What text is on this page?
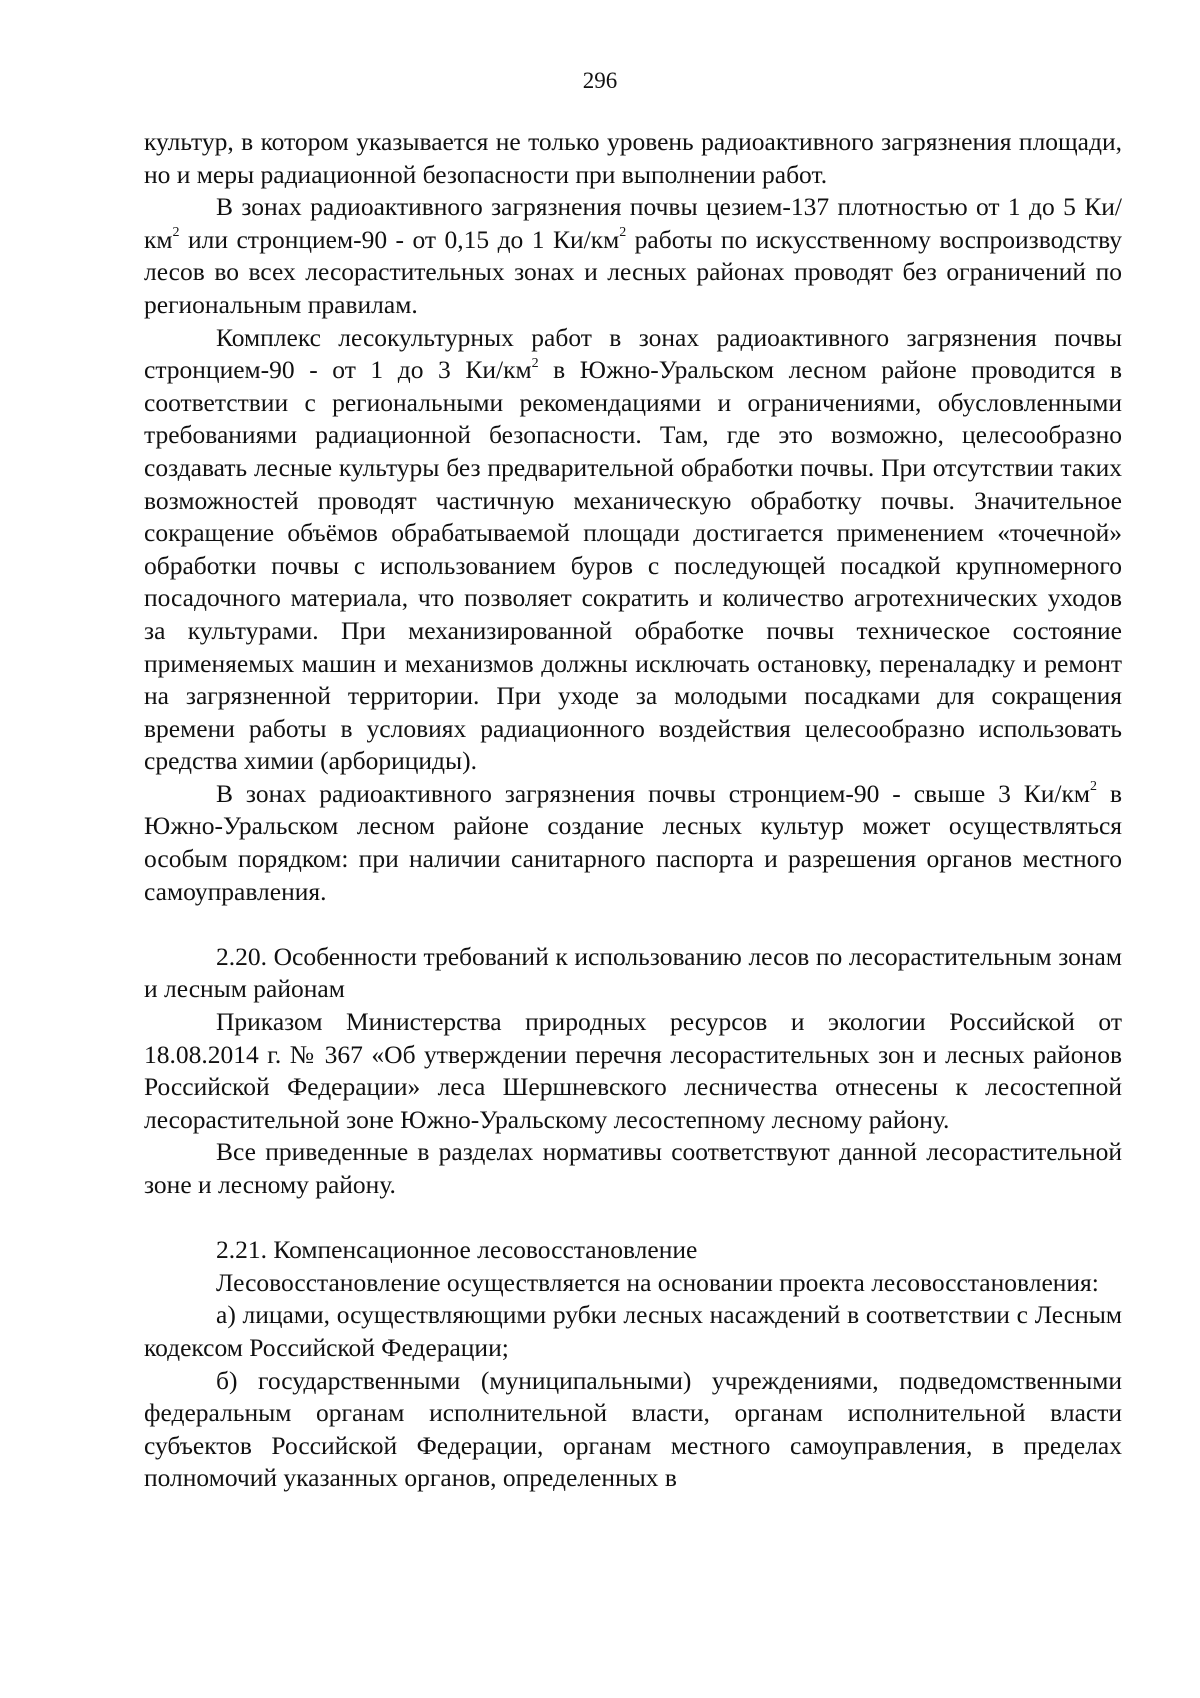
296

культур, в котором указывается не только уровень радиоактивного загрязнения площади, но и меры радиационной безопасности при выполнении работ.

В зонах радиоактивного загрязнения почвы цезием-137 плотностью от 1 до 5 $Ки/км^2$ или стронцием-90 - от 0,15 до 1 $Ки/км^2$ работы по искусственному воспроизводству лесов во всех лесорастительных зонах и лесных районах проводят без ограничений по региональным правилам.

Комплекс лесокультурных работ в зонах радиоактивного загрязнения почвы стронцием-90 - от 1 до 3 $Ки/км^2$ в Южно-Уральском лесном районе проводится в соответствии с региональными рекомендациями и ограничениями, обусловленными требованиями радиационной безопасности. Там, где это возможно, целесообразно создавать лесные культуры без предварительной обработки почвы. При отсутствии таких возможностей проводят частичную механическую обработку почвы. Значительное сокращение объёмов обрабатываемой площади достигается применением «точечной» обработки почвы с использованием буров с последующей посадкой крупномерного посадочного материала, что позволяет сократить и количество агротехнических уходов за культурами. При механизированной обработке почвы техническое состояние применяемых машин и механизмов должны исключать остановку, переналадку и ремонт на загрязненной территории. При уходе за молодыми посадками для сокращения времени работы в условиях радиационного воздействия целесообразно использовать средства химии (арборициды).

В зонах радиоактивного загрязнения почвы стронцием-90 - свыше 3 $Ки/км^2$ в Южно-Уральском лесном районе создание лесных культур может осуществляться особым порядком: при наличии санитарного паспорта и разрешения органов местного самоуправления.

2.20. Особенности требований к использованию лесов по лесорастительным зонам и лесным районам

Приказом Министерства природных ресурсов и экологии Российской от 18.08.2014 г. № 367 «Об утверждении перечня лесорастительных зон и лесных районов Российской Федерации» леса Шершневского лесничества отнесены к лесостепной лесорастительной зоне Южно-Уральскому лесостепному лесному району.

Все приведенные в разделах нормативы соответствуют данной лесорастительной зоне и лесному району.

2.21. Компенсационное лесовосстановление

Лесовосстановление осуществляется на основании проекта лесовосстановления:

а) лицами, осуществляющими рубки лесных насаждений в соответствии с Лесным кодексом Российской Федерации;

б) государственными (муниципальными) учреждениями, подведомственными федеральным органам исполнительной власти, органам исполнительной власти субъектов Российской Федерации, органам местного самоуправления, в пределах полномочий указанных органов, определенных в
